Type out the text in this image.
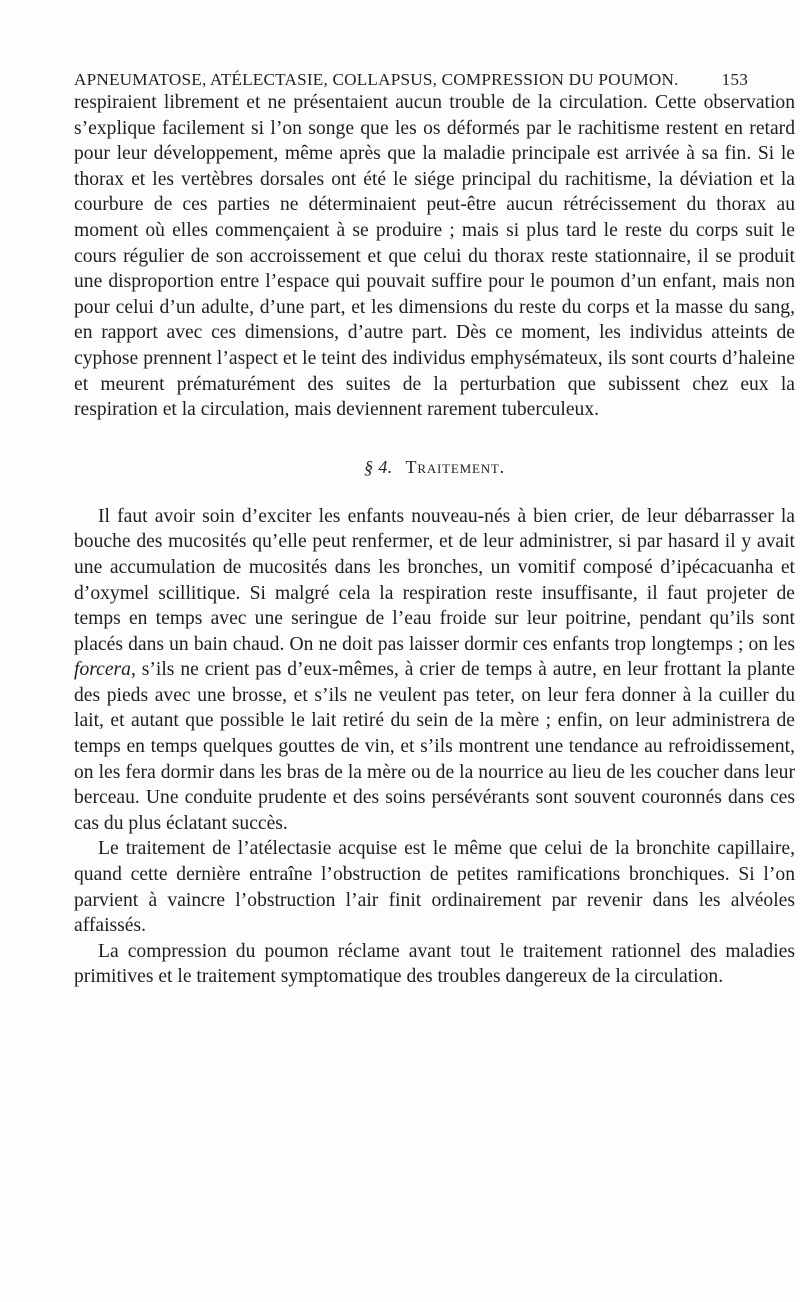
APNEUMATOSE, ATÉLECTASIE, COLLAPSUS, COMPRESSION DU POUMON.	153

respiraient librement et ne présentaient aucun trouble de la circulation. Cette observation s’explique facilement si l’on songe que les os déformés par le rachitisme restent en retard pour leur développement, même après que la maladie principale est arrivée à sa fin. Si le thorax et les vertèbres dorsales ont été le siége principal du rachitisme, la déviation et la courbure de ces parties ne déterminaient peut-être aucun rétrécissement du thorax au moment où elles commençaient à se produire ; mais si plus tard le reste du corps suit le cours régulier de son accroissement et que celui du thorax reste stationnaire, il se produit une disproportion entre l’espace qui pouvait suffire pour le poumon d’un enfant, mais non pour celui d’un adulte, d’une part, et les dimensions du reste du corps et la masse du sang, en rapport avec ces dimensions, d’autre part. Dès ce moment, les individus atteints de cyphose prennent l’aspect et le teint des individus emphysémateux, ils sont courts d’haleine et meurent prématurément des suites de la perturbation que subissent chez eux la respiration et la circulation, mais deviennent rarement tuberculeux.

§ 4. Traitement.

Il faut avoir soin d’exciter les enfants nouveau-nés à bien crier, de leur débarrasser la bouche des mucosités qu’elle peut renfermer, et de leur administrer, si par hasard il y avait une accumulation de mucosités dans les bronches, un vomitif composé d’ipécacuanha et d’oxymel scillitique. Si malgré cela la respiration reste insuffisante, il faut projeter de temps en temps avec une seringue de l’eau froide sur leur poitrine, pendant qu’ils sont placés dans un bain chaud. On ne doit pas laisser dormir ces enfants trop longtemps ; on les forcera, s’ils ne crient pas d’eux-mêmes, à crier de temps à autre, en leur frottant la plante des pieds avec une brosse, et s’ils ne veulent pas teter, on leur fera donner à la cuiller du lait, et autant que possible le lait retiré du sein de la mère ; enfin, on leur administrera de temps en temps quelques gouttes de vin, et s’ils montrent une tendance au refroidissement, on les fera dormir dans les bras de la mère ou de la nourrice au lieu de les coucher dans leur berceau. Une conduite prudente et des soins persévérants sont souvent couronnés dans ces cas du plus éclatant succès.

Le traitement de l’atélectasie acquise est le même que celui de la bronchite capillaire, quand cette dernière entraîne l’obstruction de petites ramifications bronchiques. Si l’on parvient à vaincre l’obstruction l’air finit ordinairement par revenir dans les alvéoles affaissés.

La compression du poumon réclame avant tout le traitement rationnel des maladies primitives et le traitement symptomatique des troubles dangereux de la circulation.
